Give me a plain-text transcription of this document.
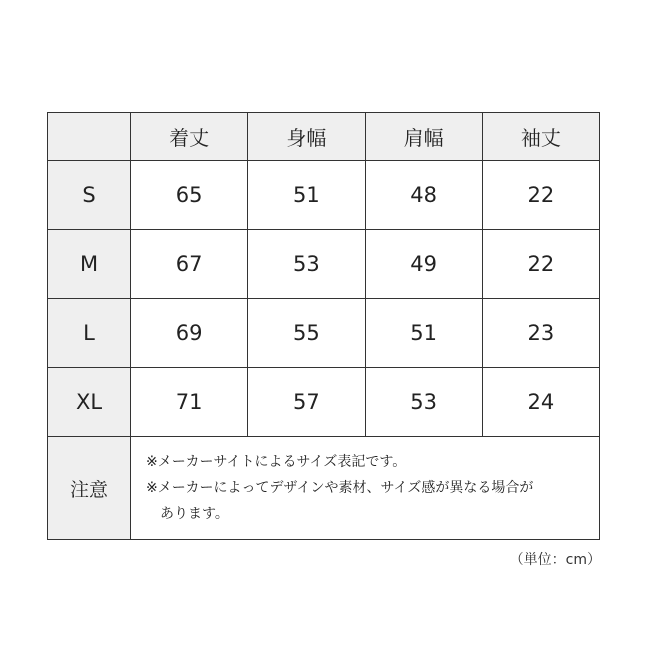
	着丈	身幅	肩幅	袖丈
S	65	51	48	22
M	67	53	49	22
L	69	55	51	23
XL	71	57	53	24
注意	※メーカーサイトによるサイズ表記です。
※メーカーによってデザインや素材、サイズ感が異なる場合が
あります。			
（単位：cm）
